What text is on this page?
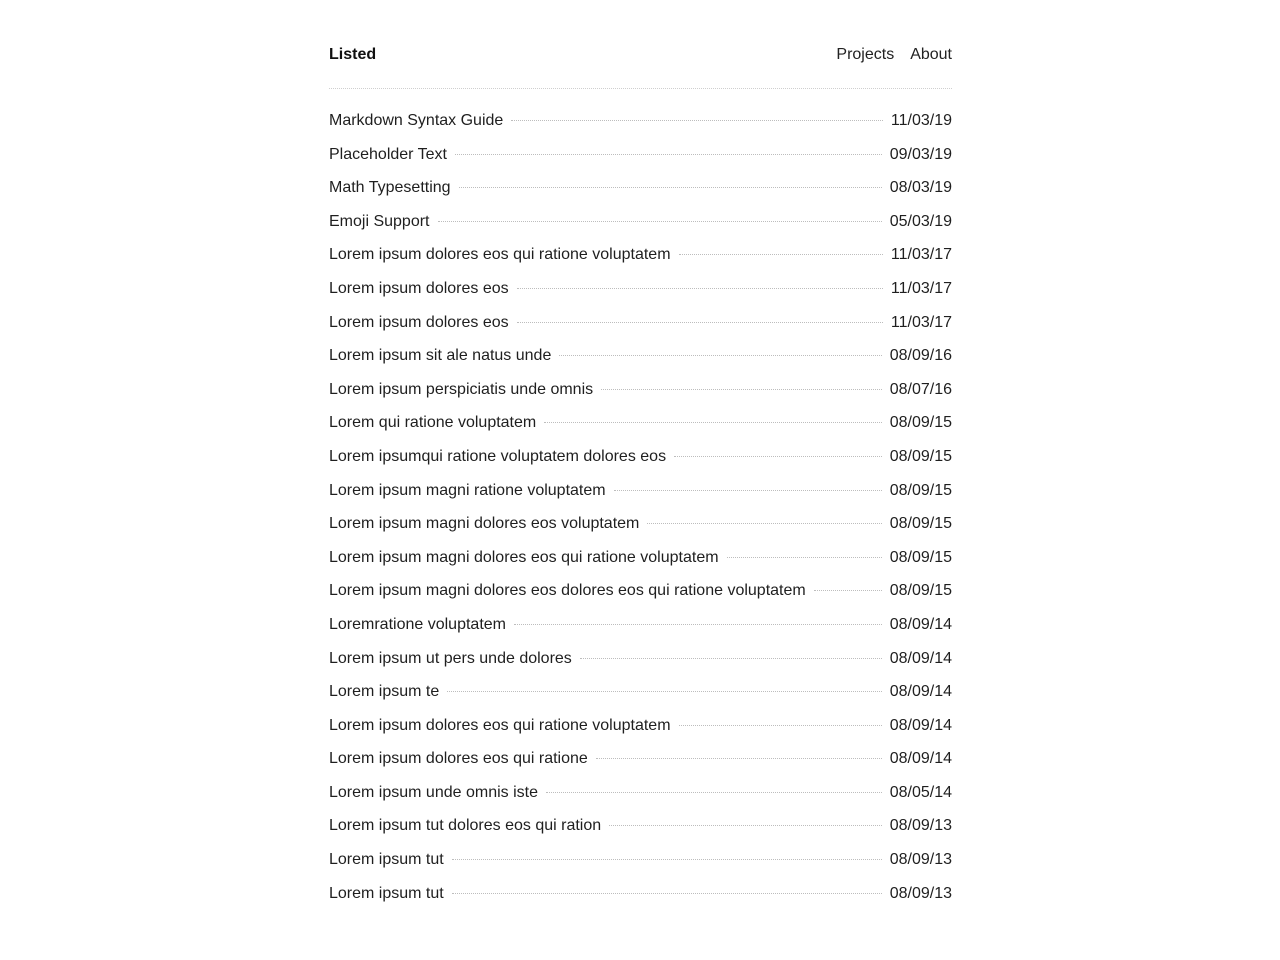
Listed	Projects About
Markdown Syntax Guide	11/03/19
Placeholder Text	09/03/19
Math Typesetting	08/03/19
Emoji Support	05/03/19
Lorem ipsum dolores eos qui ratione voluptatem	11/03/17
Lorem ipsum dolores eos	11/03/17
Lorem ipsum dolores eos	11/03/17
Lorem ipsum sit ale natus unde	08/09/16
Lorem ipsum perspiciatis unde omnis	08/07/16
Lorem qui ratione voluptatem	08/09/15
Lorem ipsumqui ratione voluptatem dolores eos	08/09/15
Lorem ipsum magni ratione voluptatem	08/09/15
Lorem ipsum magni dolores eos voluptatem	08/09/15
Lorem ipsum magni dolores eos qui ratione voluptatem	08/09/15
Lorem ipsum magni dolores eos dolores eos qui ratione voluptatem	08/09/15
Loremratione voluptatem	08/09/14
Lorem ipsum ut pers unde dolores	08/09/14
Lorem ipsum te	08/09/14
Lorem ipsum dolores eos qui ratione voluptatem	08/09/14
Lorem ipsum dolores eos qui ratione	08/09/14
Lorem ipsum unde omnis iste	08/05/14
Lorem ipsum tut dolores eos qui ration	08/09/13
Lorem ipsum tut	08/09/13
Lorem ipsum tut	08/09/13
